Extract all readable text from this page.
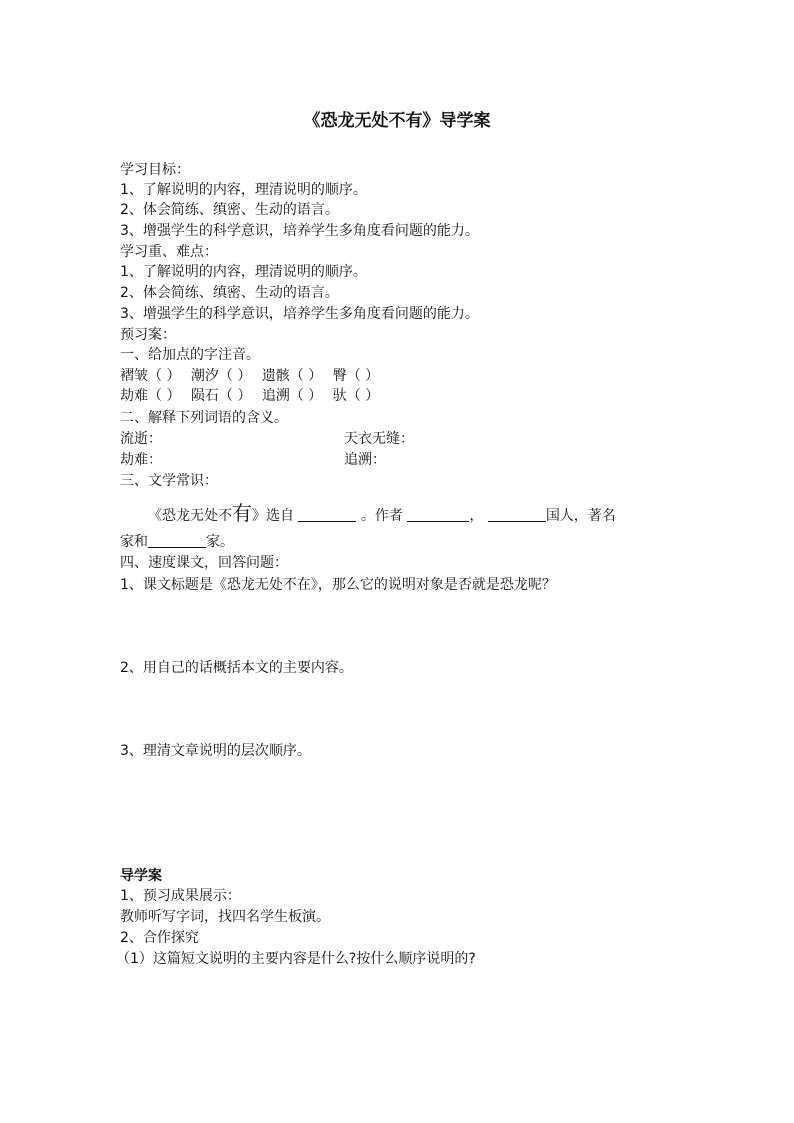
《恐龙无处不有》导学案
学习目标：
1、了解说明的内容，理清说明的顺序。
2、体会简练、缜密、生动的语言。
3、增强学生的科学意识，培养学生多角度看问题的能力。
学习重、难点：
1、了解说明的内容，理清说明的顺序。
2、体会简练、缜密、生动的语言。
3、增强学生的科学意识，培养学生多角度看问题的能力。
预习案：
一、给加点的字注音。
褶皱（ ） 潮汐（ ） 遗骸（ ） 臀（ ）
劫难（ ） 陨石（ ） 追溯（ ） 驮（ ）
二、解释下列词语的含义。
流逝：	天衣无缝：
劫难：	追溯：
三、文学常识：
《恐龙无处不有》选自	。作者	，	国人，著名
家和	家。
四、速度课文，回答问题：
1、课文标题是《恐龙无处不在》，那么它的说明对象是否就是恐龙呢？
2、用自己的话概括本文的主要内容。
3、理清文章说明的层次顺序。
导学案
1、预习成果展示：
教师听写字词，找四名学生板演。
2、合作探究
（1）这篇短文说明的主要内容是什么?按什么顺序说明的?
